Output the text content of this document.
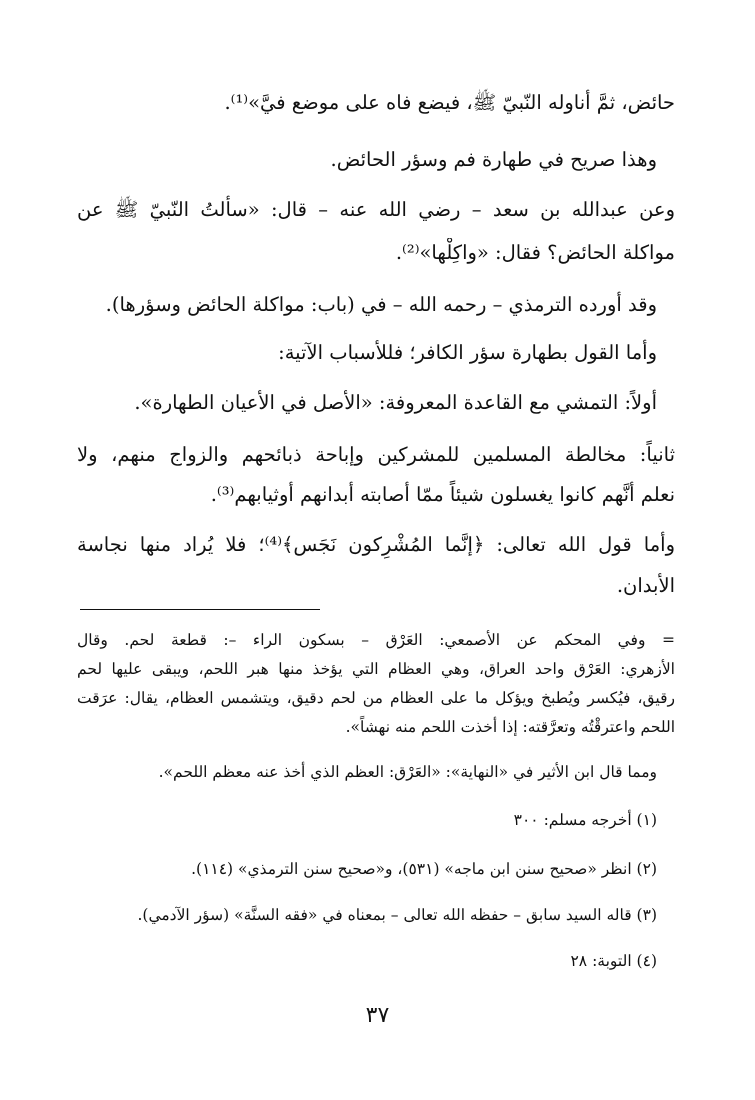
حائض، ثمَّ أناوله النّبيّ ﷺ، فيضع فاه على موضع فيَّ»⁽¹⁾.
وهذا صريح في طهارة فم وسؤر الحائض.
وعن عبدالله بن سعد – رضي الله عنه – قال: «سألتُ النّبيّ ﷺ عن
مواكلة الحائض؟ فقال: «واكِلْها»⁽²⁾.
وقد أورده الترمذي – رحمه الله – في (باب: مواكلة الحائض وسؤرها).
وأما القول بطهارة سؤر الكافر؛ فللأسباب الآتية:
أولاً: التمشي مع القاعدة المعروفة: «الأصل في الأعيان الطهارة».
ثانياً: مخالطة المسلمين للمشركين وإباحة ذبائحهم والزواج منهم، ولا
نعلم أنَّهم كانوا يغسلون شيئاً ممّا أصابته أبدانهم أوثيابهم⁽³⁾.
وأما قول الله تعالى: ﴿إنَّما المُشْرِكون نَجَس﴾⁽⁴⁾؛ فلا يُراد منها نجاسة
الأبدان.
= وفي المحكم عن الأصمعي: العَرْق – بسكون الراء –: قطعة لحم. وقال
الأزهري: العَرْق واحد العراق، وهي العظام التي يؤخذ منها هبر اللحم، ويبقى عليها لحم
رقيق، فيُكسر ويُطبخ ويؤكل ما على العظام من لحم دقيق، ويتشمس العظام، يقال: عرَقت
اللحم واعترقْتُه وتعرَّقته: إذا أخذت اللحم منه نهشاً».
ومما قال ابن الأثير في «النهاية»: «العَرْق: العظم الذي أخذ عنه معظم اللحم».
(١) أخرجه مسلم: ٣٠٠
(٢) انظر «صحيح سنن ابن ماجه» (٥٣١)، و«صحيح سنن الترمذي» (١١٤).
(٣) قاله السيد سابق – حفظه الله تعالى – بمعناه في «فقه السنَّة» (سؤر الآدمي).
(٤) التوبة: ٢٨
٣٧
